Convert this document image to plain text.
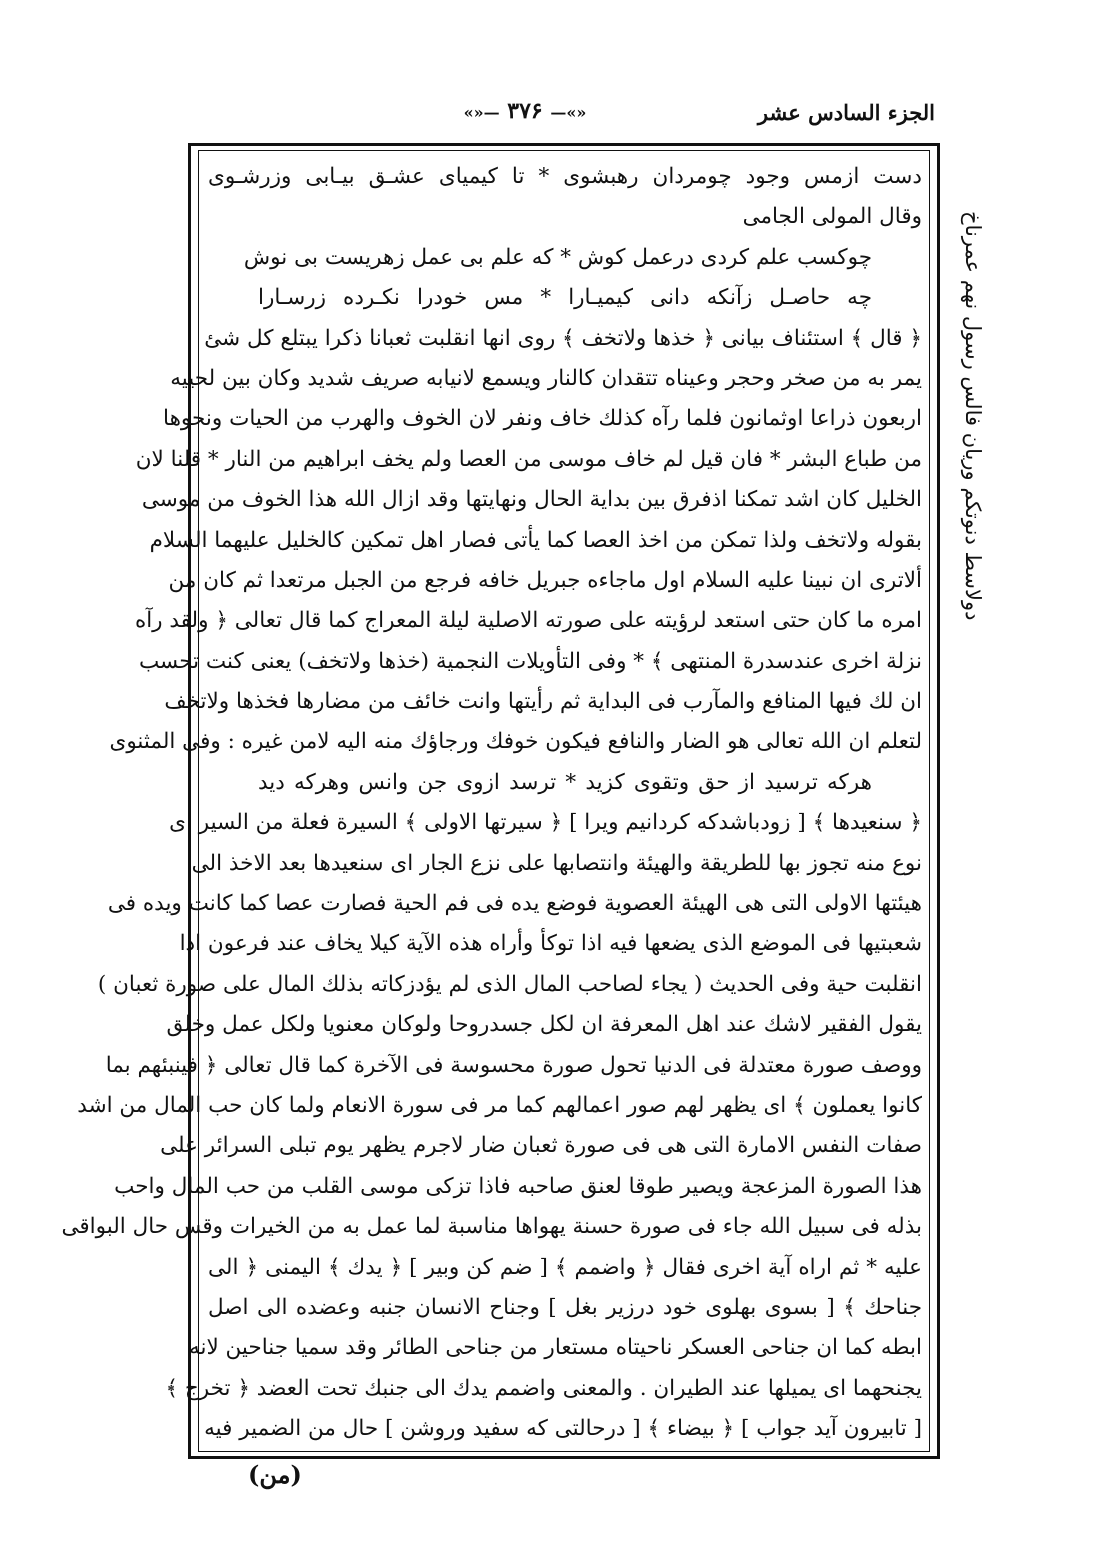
الجزء السادس عشر
«»— ۳۷۶ —«»
دست ازمس وجود چومردان رهبشوی * تا كيمياى عشـق بيـابى وزرشـوى
وقال المولى الجامى
چوكسب علم كردى درعمل كوش * كه علم بى عمل زهريست بى نوش
چه حاصـل زآنكه دانى كيميـارا * مس خودرا نكـرده زرسـارا
﴿ قال ﴾ استئناف بيانى ﴿ خذها ولاتخف ﴾ روى انها انقلبت ثعبانا ذكرا يبتلع كل شئ
يمر به من صخر وحجر وعيناه تتقدان كالنار ويسمع لانيابه صريف شديد وكان بين لحييه
اربعون ذراعا اوثمانون فلما رآه كذلك خاف ونفر لان الخوف والهرب من الحيات ونحوها
من طباع البشر * فان قيل لم خاف موسى من العصا ولم يخف ابراهيم من النار * قلنا لان
الخليل كان اشد تمكنا اذفرق بين بداية الحال ونهايتها وقد ازال الله هذا الخوف من موسى
بقوله ولاتخف ولذا تمكن من اخذ العصا كما يأتى فصار اهل تمكين كالخليل عليهما السلام
ألاترى ان نبينا عليه السلام اول ماجاءه جبريل خافه فرجع من الجبل مرتعدا ثم كان من
امره ما كان حتى استعد لرؤيته على صورته الاصلية ليلة المعراج كما قال تعالى ﴿ ولقد رآه
نزلة اخرى عندسدرة المنتهى ﴾ * وفى التأويلات النجمية (خذها ولاتخف) يعنى كنت تحسب
ان لك فيها المنافع والمآرب فى البداية ثم رأيتها وانت خائف من مضارها فخذها ولاتخف
لتعلم ان الله تعالى هو الضار والنافع فيكون خوفك ورجاؤك منه اليه لامن غيره : وفى المثنوى
هركه ترسيد از حق وتقوى كزيد * ترسد ازوى جن وانس وهركه ديد
﴿ سنعيدها ﴾ [ زودباشدكه كردانيم ويرا ] ﴿ سيرتها الاولى ﴾ السيرة فعلة من السير اى
نوع منه تجوز بها للطريقة والهيئة وانتصابها على نزع الجار اى سنعيدها بعد الاخذ الى
هيئتها الاولى التى هى الهيئة العصوية فوضع يده فى فم الحية فصارت عصا كما كانت ويده فى
شعبتيها فى الموضع الذى يضعها فيه اذا توكأ وأراه هذه الآية كيلا يخاف عند فرعون اذا
انقلبت حية وفى الحديث ( يجاء لصاحب المال الذى لم يؤدزكاته بذلك المال على صورة ثعبان )
يقول الفقير لاشك عند اهل المعرفة ان لكل جسدروحا ولوكان معنويا ولكل عمل وخلق
ووصف صورة معتدلة فى الدنيا تحول صورة محسوسة فى الآخرة كما قال تعالى ﴿ فينبئهم بما
كانوا يعملون ﴾ اى يظهر لهم صور اعمالهم كما مر فى سورة الانعام ولما كان حب المال من اشد
صفات النفس الامارة التى هى فى صورة ثعبان ضار لاجرم يظهر يوم تبلى السرائر على
هذا الصورة المزعجة ويصير طوقا لعنق صاحبه فاذا تزكى موسى القلب من حب المال واحب
بذله فى سبيل الله جاء فى صورة حسنة يهواها مناسبة لما عمل به من الخيرات وقس حال البواقى
عليه * ثم اراه آية اخرى فقال ﴿ واضمم ﴾ [ ضم كن وبير ] ﴿ يدك ﴾ اليمنى ﴿ الى
جناحك ﴾ [ بسوى بهلوى خود درزير بغل ] وجناح الانسان جنبه وعضده الى اصل
ابطه كما ان جناحى العسكر ناحيتاه مستعار من جناحى الطائر وقد سميا جناحين لانه
يجنحهما اى يميلها عند الطيران . والمعنى واضمم يدك الى جنبك تحت العضد ﴿ تخرج ﴾
[ تابيرون آيد جواب ] ﴿ بيضاء ﴾ [ درحالتى كه سفيد وروشن ] حال من الضمير فيه
دولاسط دنوتكم وريان فالس رسول نهم عمرناخ
(من)
